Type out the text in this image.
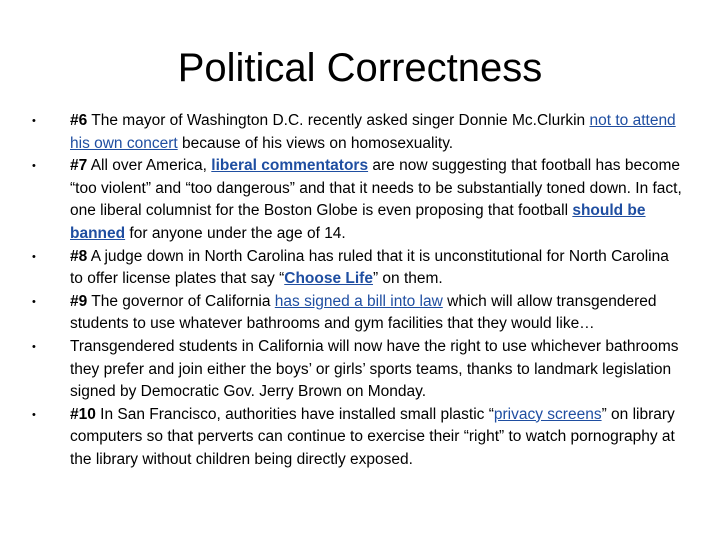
Political Correctness
• #6 The mayor of Washington D.C. recently asked singer Donnie Mc.Clurkin not to attend his own concert because of his views on homosexuality.
• #7 All over America, liberal commentators are now suggesting that football has become “too violent” and “too dangerous” and that it needs to be substantially toned down. In fact, one liberal columnist for the Boston Globe is even proposing that football should be banned for anyone under the age of 14.
• #8 A judge down in North Carolina has ruled that it is unconstitutional for North Carolina to offer license plates that say “Choose Life” on them.
• #9 The governor of California has signed a bill into law which will allow transgendered students to use whatever bathrooms and gym facilities that they would like…
• Transgendered students in California will now have the right to use whichever bathrooms they prefer and join either the boys’ or girls’ sports teams, thanks to landmark legislation signed by Democratic Gov. Jerry Brown on Monday.
• #10 In San Francisco, authorities have installed small plastic “privacy screens” on library computers so that perverts can continue to exercise their “right” to watch pornography at the library without children being directly exposed.
